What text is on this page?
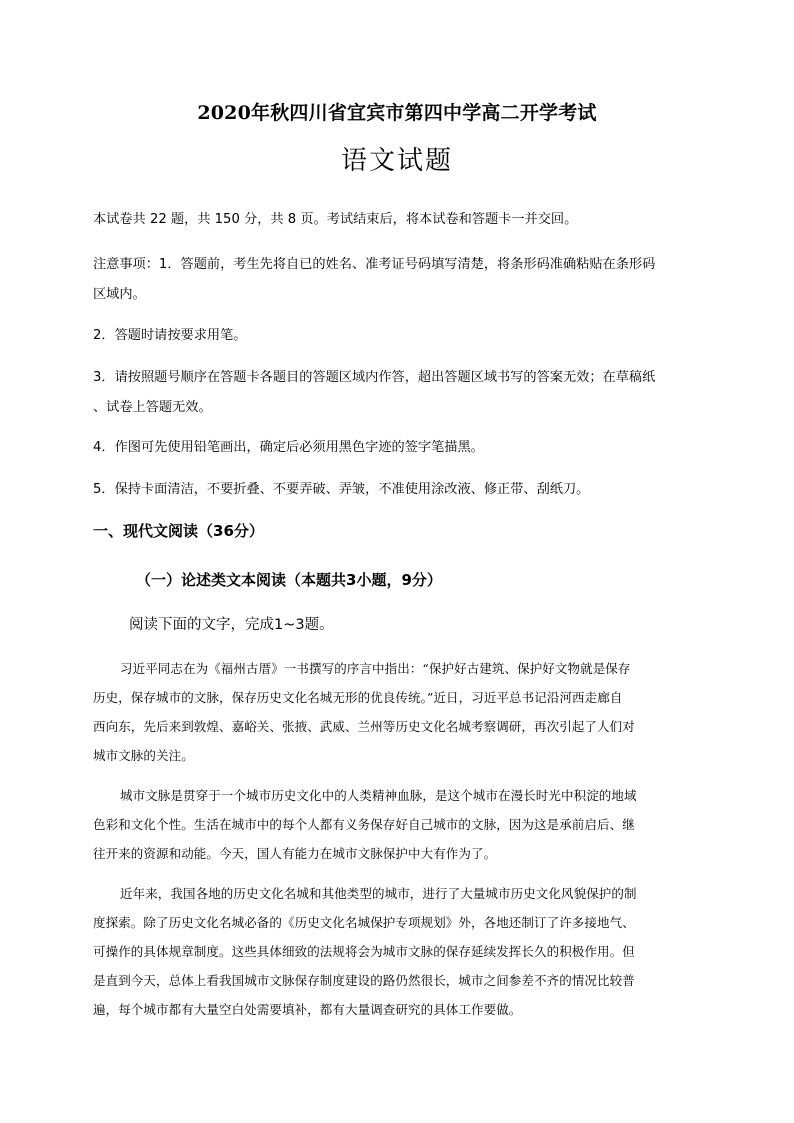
2020年秋四川省宜宾市第四中学高二开学考试
语文试题
本试卷共 22 题，共 150 分，共 8 页。考试结束后，将本试卷和答题卡一并交回。
注意事项：1．答题前，考生先将自已的姓名、准考证号码填写清楚，将条形码准确粘贴在条形码
区域内。
2．答题时请按要求用笔。
3．请按照题号顺序在答题卡各题目的答题区域内作答，超出答题区域书写的答案无效；在草稿纸
、试卷上答题无效。
4．作图可先使用铅笔画出，确定后必须用黑色字迹的签字笔描黑。
5．保持卡面清洁，不要折叠、不要弄破、弄皱，不准使用涂改液、修正带、刮纸刀。
一、现代文阅读（36分）
（一）论述类文本阅读（本题共3小题，9分）
阅读下面的文字，完成1~3题。
习近平同志在为《福州古厝》一书撰写的序言中指出：“保护好古建筑、保护好文物就是保存
历史，保存城市的文脉，保存历史文化名城无形的优良传统。”近日，习近平总书记沿河西走廊自
西向东，先后来到敦煌、嘉峪关、张掖、武威、兰州等历史文化名城考察调研，再次引起了人们对
城市文脉的关注。
城市文脉是贯穿于一个城市历史文化中的人类精神血脉，是这个城市在漫长时光中积淀的地域
色彩和文化个性。生活在城市中的每个人都有义务保存好自己城市的文脉，因为这是承前启后、继
往开来的资源和动能。今天，国人有能力在城市文脉保护中大有作为了。
近年来，我国各地的历史文化名城和其他类型的城市，进行了大量城市历史文化风貌保护的制
度探索。除了历史文化名城必备的《历史文化名城保护专项规划》外，各地还制订了许多接地气、
可操作的具体规章制度。这些具体细致的法规将会为城市文脉的保存延续发挥长久的积极作用。但
是直到今天，总体上看我国城市文脉保存制度建设的路仍然很长，城市之间参差不齐的情况比较普
遍，每个城市都有大量空白处需要填补，都有大量调查研究的具体工作要做。
